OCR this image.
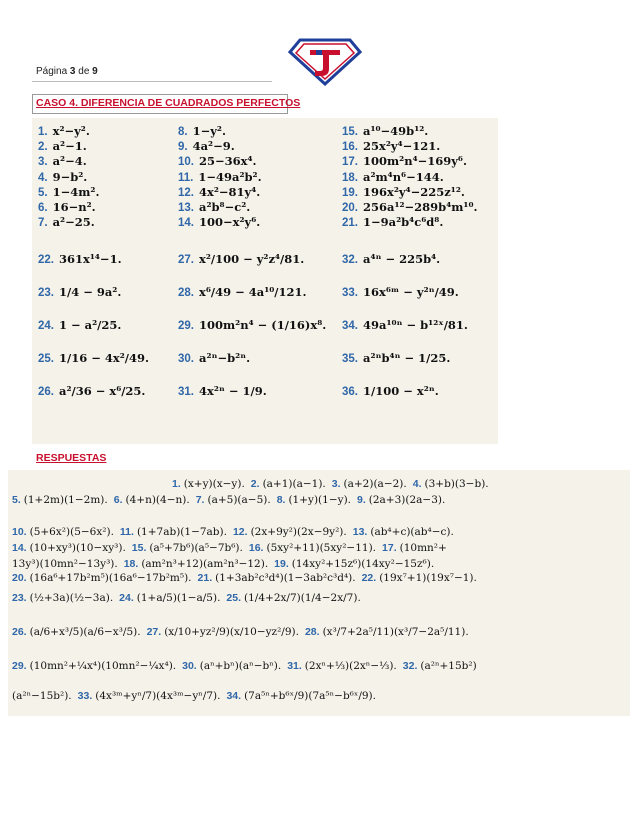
Página 3 de 9
CASO 4. DIFERENCIA DE CUADRADOS PERFECTOS
1. x²−y².	8. 1−y².	15. a¹⁰−49b¹².
2. a²−1.	9. 4a²−9.	16. 25x²y⁴−121.
3. a²−4.	10. 25−36x⁴.	17. 100m²n⁴−169y⁶.
4. 9−b².	11. 1−49a²b².	18. a²m⁴n⁶−144.
5. 1−4m².	12. 4x²−81y⁴.	19. 196x²y⁴−225z¹².
6. 16−n².	13. a²b⁸−c².	20. 256a¹²−289b⁴m¹⁰.
7. a²−25.	14. 100−x²y⁶.	21. 1−9a²b⁴c⁶d⁸.
22. 361x¹⁴−1.	27. x²/100 − y²z⁴/81.	32. a⁴ⁿ − 225b⁴.
23. 1/4 − 9a².	28. x⁶/49 − 4a¹⁰/121.	33. 16x⁶ᵐ − y²ⁿ/49.
24. 1 − a²/25.	29. 100m²n⁴ − (1/16)x⁸. 34. 49a¹⁰ⁿ − b¹²ˣ/81.
25. 1/16 − 4x²/49.	30. a²ⁿ−b²ⁿ.	35. a²ⁿb⁴ⁿ − 1/25.
26. a²/36 − x⁶/25.	31. 4x²ⁿ − 1/9.	36. 1/100 − x²ⁿ.
RESPUESTAS
1. (x+y)(x−y). 2. (a+1)(a−1). 3. (a+2)(a−2). 4. (3+b)(3−b).
5. (1+2m)(1−2m). 6. (4+n)(4−n). 7. (a+5)(a−5). 8. (1+y)(1−y). 9. (2a+3)(2a−3).
10. (5+6x²)(5−6x²). 11. (1+7ab)(1−7ab). 12. (2x+9y²)(2x−9y²). 13. (ab⁴+c)(ab⁴−c).
14. (10+xy³)(10−xy³). 15. (a⁵+7b⁶)(a⁵−7b⁶). 16. (5xy²+11)(5xy²−11). 17. (10mn²+
13y³)(10mn²−13y³). 18. (am²n³+12)(am²n³−12). 19. (14xy²+15z⁶)(14xy²−15z⁶).
20. (16a⁶+17b²m⁵)(16a⁶−17b²m⁵). 21. (1+3ab²c³d⁴)(1−3ab²c³d⁴). 22. (19x⁷+1)(19x⁷−1).
23. (½+3a)(½−3a). 24. (1+a/5)(1−a/5). 25. (1/4+2x/7)(1/4−2x/7).
26. (a/6+x³/5)(a/6−x³/5). 27. (x/10+yz²/9)(x/10−yz²/9). 28. (x³/7+2a⁵/11)(x³/7−2a⁵/11).
29. (10mn²+¼x⁴)(10mn²−¼x⁴). 30. (aⁿ+bⁿ)(aⁿ−bⁿ). 31. (2xⁿ+⅓)(2xⁿ−⅓). 32. (a²ⁿ+15b²)
(a²ⁿ−15b²). 33. (4x³ᵐ+yⁿ/7)(4x³ᵐ−yⁿ/7). 34. (7a⁵ⁿ+b⁶ˣ/9)(7a⁵ⁿ−b⁶ˣ/9).
